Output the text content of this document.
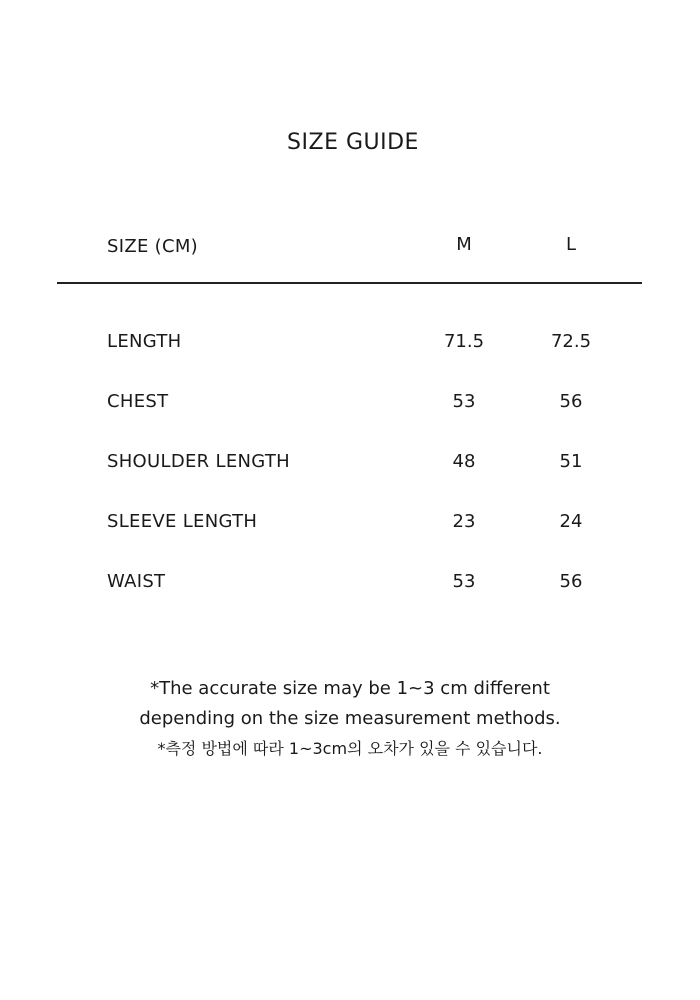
SIZE GUIDE
SIZE (CM)	M	L
LENGTH	71.5	72.5
CHEST	53	56
SHOULDER LENGTH	48	51
SLEEVE LENGTH	23	24
WAIST	53	56
*The accurate size may be 1~3 cm different
depending on the size measurement methods.
*측정 방법에 따라 1~3cm의 오차가 있을 수 있습니다.
